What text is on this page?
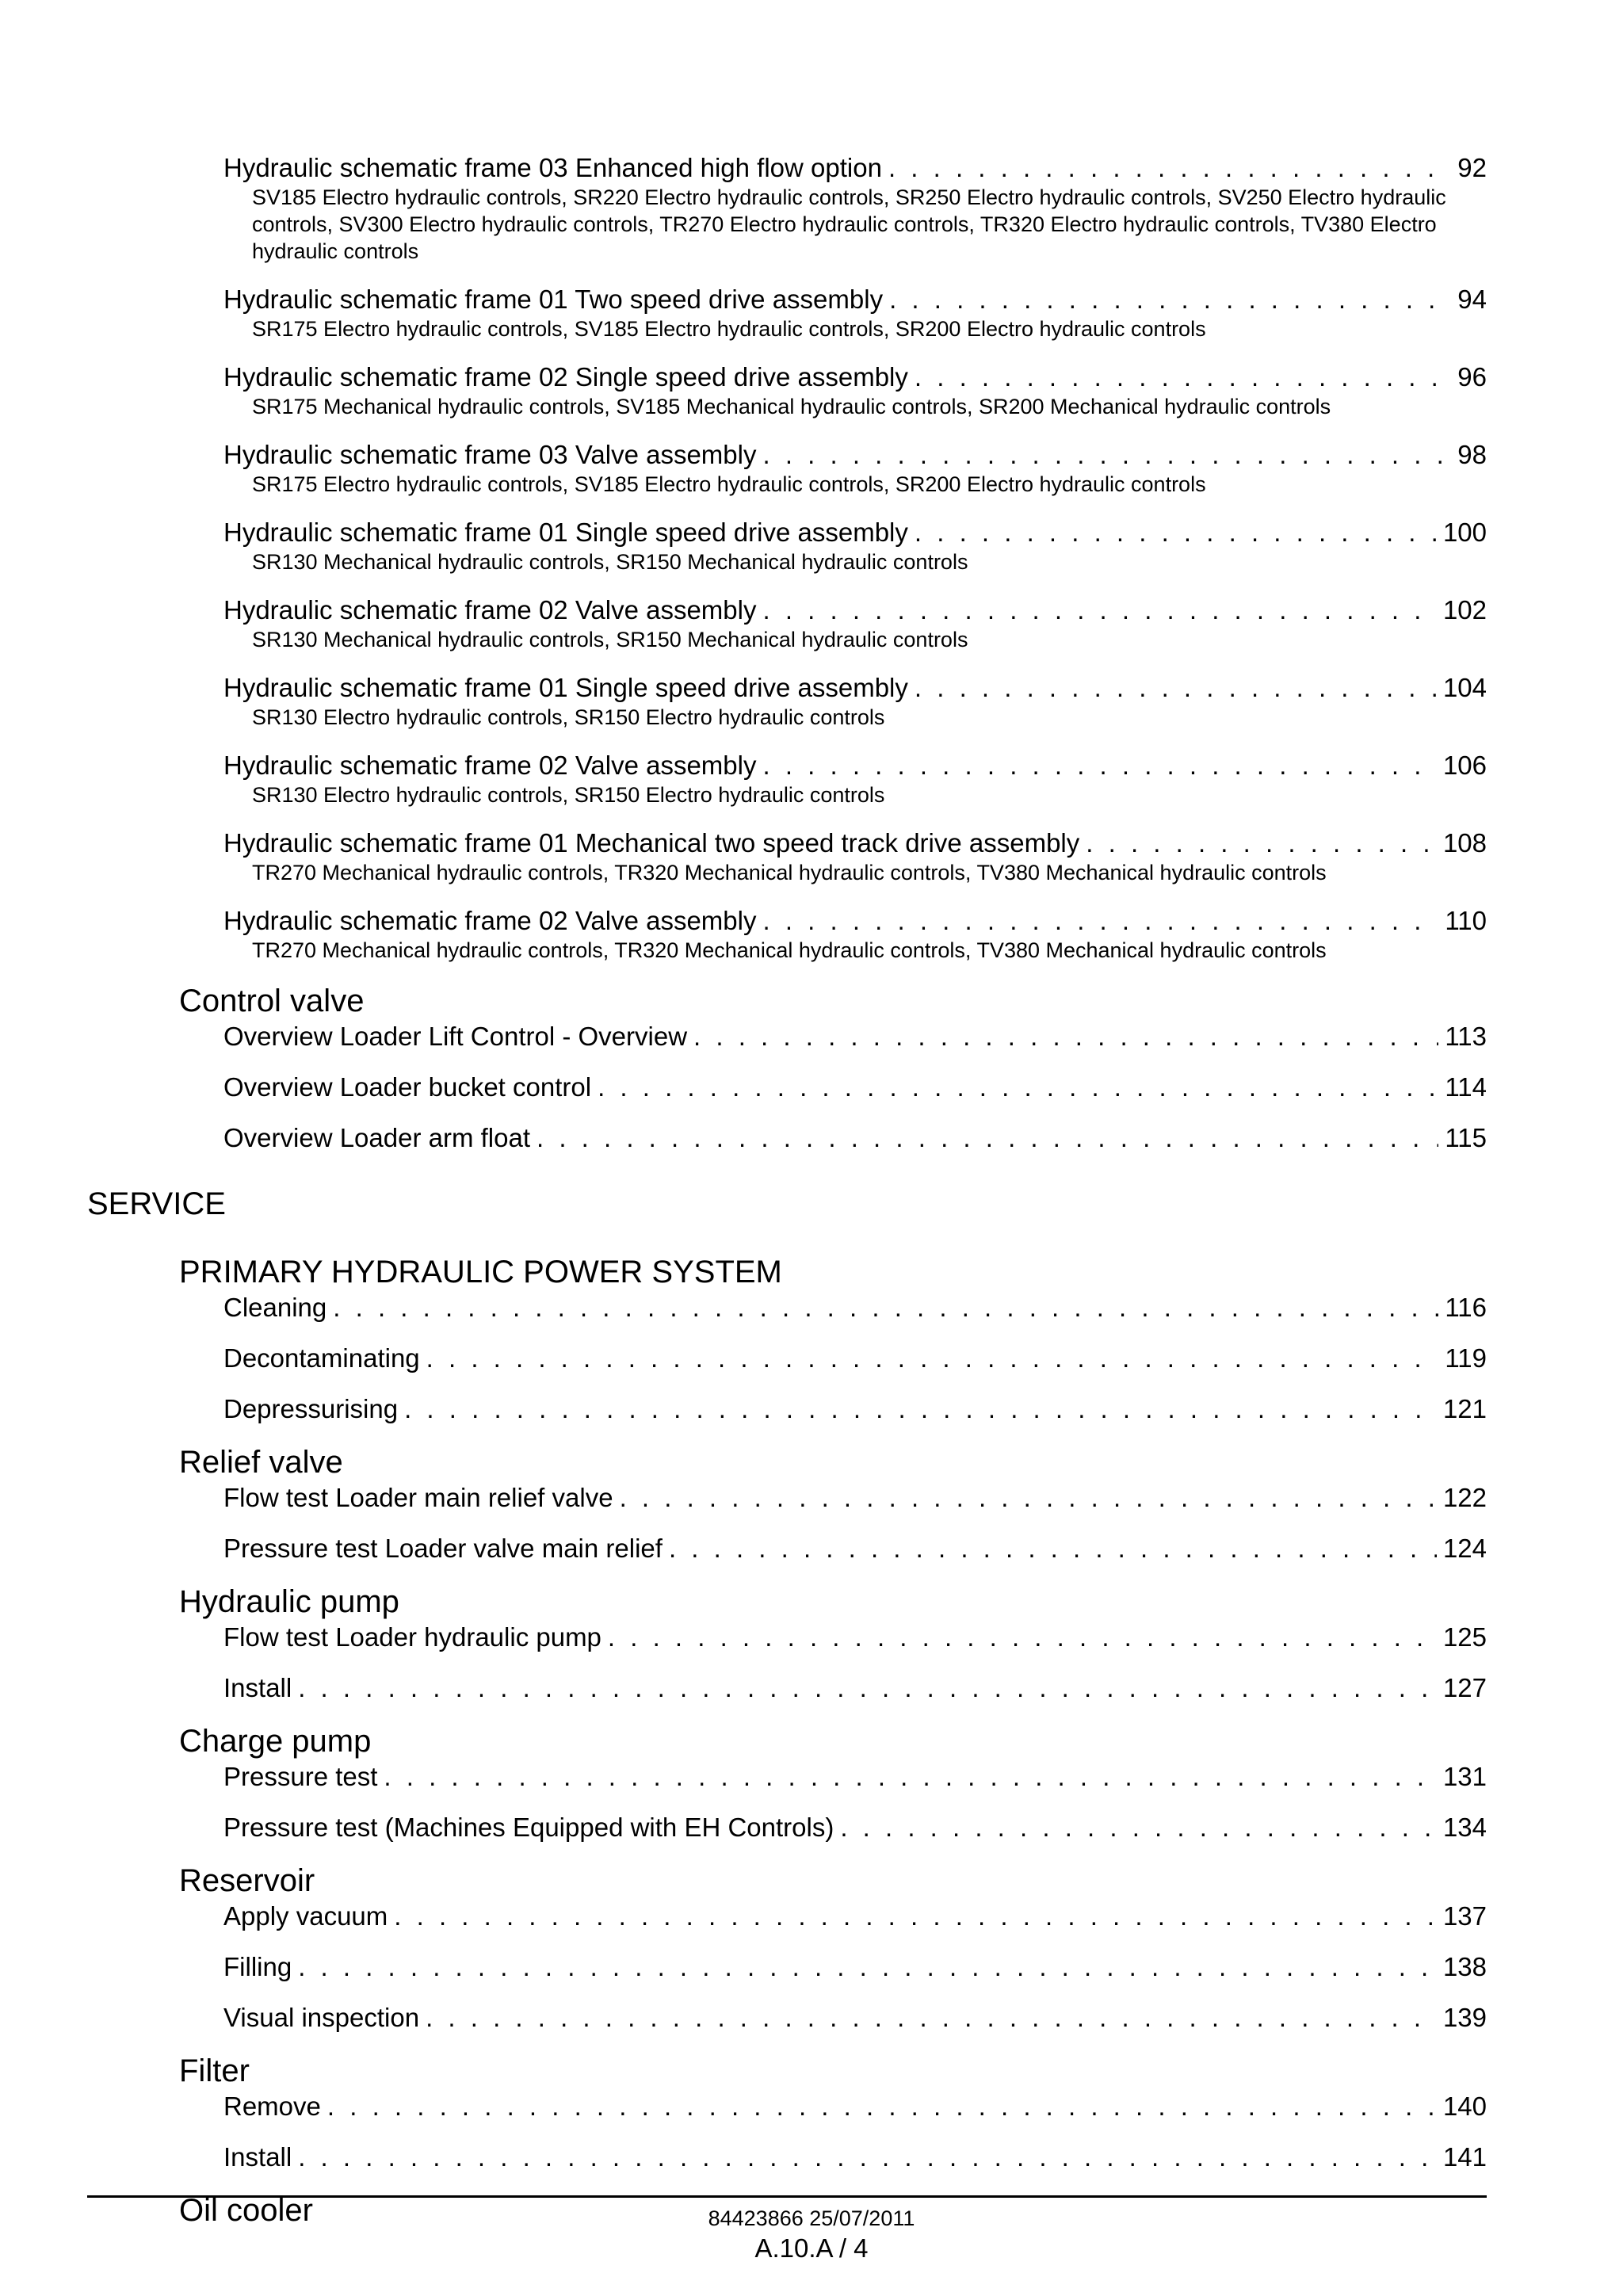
Hydraulic schematic frame 03 Enhanced high flow option . . .	92
SV185 Electro hydraulic controls, SR220 Electro hydraulic controls, SR250 Electro hydraulic controls, SV250 Electro hydraulic controls, SV300 Electro hydraulic controls, TR270 Electro hydraulic controls, TR320 Electro hydraulic controls, TV380 Electro hydraulic controls
Hydraulic schematic frame 01 Two speed drive assembly . . .	94
SR175 Electro hydraulic controls, SV185 Electro hydraulic controls, SR200 Electro hydraulic controls
Hydraulic schematic frame 02 Single speed drive assembly . . .	96
SR175 Mechanical hydraulic controls, SV185 Mechanical hydraulic controls, SR200 Mechanical hydraulic controls
Hydraulic schematic frame 03 Valve assembly . . .	98
SR175 Electro hydraulic controls, SV185 Electro hydraulic controls, SR200 Electro hydraulic controls
Hydraulic schematic frame 01 Single speed drive assembly . . .	100
SR130 Mechanical hydraulic controls, SR150 Mechanical hydraulic controls
Hydraulic schematic frame 02 Valve assembly . . .	102
SR130 Mechanical hydraulic controls, SR150 Mechanical hydraulic controls
Hydraulic schematic frame 01 Single speed drive assembly . . .	104
SR130 Electro hydraulic controls, SR150 Electro hydraulic controls
Hydraulic schematic frame 02 Valve assembly . . .	106
SR130 Electro hydraulic controls, SR150 Electro hydraulic controls
Hydraulic schematic frame 01 Mechanical two speed track drive assembly . . .	108
TR270 Mechanical hydraulic controls, TR320 Mechanical hydraulic controls, TV380 Mechanical hydraulic controls
Hydraulic schematic frame 02 Valve assembly . . .	110
TR270 Mechanical hydraulic controls, TR320 Mechanical hydraulic controls, TV380 Mechanical hydraulic controls
Control valve
Overview Loader Lift Control - Overview . . .	113
Overview Loader bucket control . . .	114
Overview Loader arm float . . .	115
SERVICE
PRIMARY HYDRAULIC POWER SYSTEM
Cleaning . . .	116
Decontaminating . . .	119
Depressurising . . .	121
Relief valve
Flow test Loader main relief valve . . .	122
Pressure test Loader valve main relief . . .	124
Hydraulic pump
Flow test Loader hydraulic pump . . .	125
Install . . .	127
Charge pump
Pressure test . . .	131
Pressure test (Machines Equipped with EH Controls) . . .	134
Reservoir
Apply vacuum . . .	137
Filling . . .	138
Visual inspection . . .	139
Filter
Remove . . .	140
Install . . .	141
Oil cooler	84423866 25/07/2011
A.10.A / 4
